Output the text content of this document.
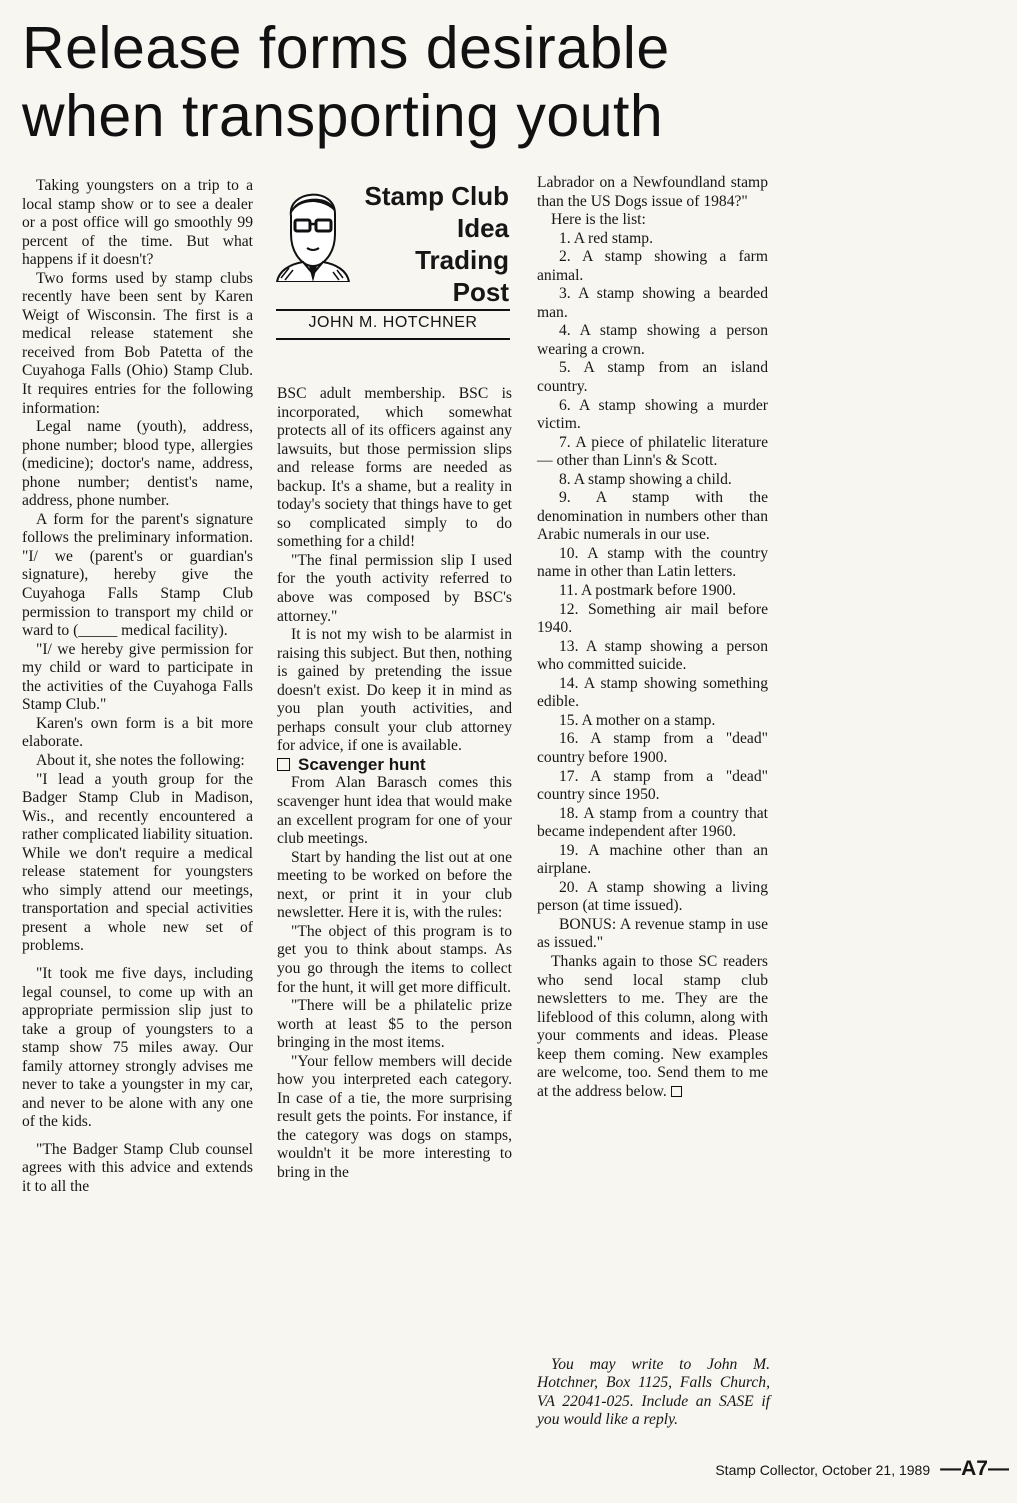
Release forms desirable
when transporting youth

Taking youngsters on a trip to a local stamp show or to see a dealer or a post office will go smoothly 99 percent of the time. But what happens if it doesn't?

Two forms used by stamp clubs recently have been sent by Karen Weigt of Wisconsin. The first is a medical release statement she received from Bob Patetta of the Cuyahoga Falls (Ohio) Stamp Club. It requires entries for the following information:

Legal name (youth), address, phone number; blood type, allergies (medicine); doctor's name, address, phone number; dentist's name, address, phone number.

A form for the parent's signature follows the preliminary information. "I/ we (parent's or guardian's signature), hereby give the Cuyahoga Falls Stamp Club permission to transport my child or ward to (_____ medical facility).

"I/ we hereby give permission for my child or ward to participate in the activities of the Cuyahoga Falls Stamp Club."

Karen's own form is a bit more elaborate.

About it, she notes the following:

"I lead a youth group for the Badger Stamp Club in Madison, Wis., and recently encountered a rather complicated liability situation. While we don't require a medical release statement for youngsters who simply attend our meetings, transportation and special activities present a whole new set of problems.

"It took me five days, including legal counsel, to come up with an appropriate permission slip just to take a group of youngsters to a stamp show 75 miles away. Our family attorney strongly advises me never to take a youngster in my car, and never to be alone with any one of the kids.

"The Badger Stamp Club counsel agrees with this advice and extends it to all the

Stamp Club
Idea
Trading
Post
JOHN M. HOTCHNER

BSC adult membership. BSC is incorporated, which somewhat protects all of its officers against any lawsuits, but those permission slips and release forms are needed as backup. It's a shame, but a reality in today's society that things have to get so complicated simply to do something for a child!

"The final permission slip I used for the youth activity referred to above was composed by BSC's attorney."

It is not my wish to be alarmist in raising this subject. But then, nothing is gained by pretending the issue doesn't exist. Do keep it in mind as you plan youth activities, and perhaps consult your club attorney for advice, if one is available.

Scavenger hunt

From Alan Barasch comes this scavenger hunt idea that would make an excellent program for one of your club meetings.

Start by handing the list out at one meeting to be worked on before the next, or print it in your club newsletter. Here it is, with the rules:

"The object of this program is to get you to think about stamps. As you go through the items to collect for the hunt, it will get more difficult.

"There will be a philatelic prize worth at least $5 to the person bringing in the most items.

"Your fellow members will decide how you interpreted each category. In case of a tie, the more surprising result gets the points. For instance, if the category was dogs on stamps, wouldn't it be more interesting to bring in the

Labrador on a Newfoundland stamp than the US Dogs issue of 1984?"

Here is the list:

1. A red stamp.

2. A stamp showing a farm animal.

3. A stamp showing a bearded man.

4. A stamp showing a person wearing a crown.

5. A stamp from an island country.

6. A stamp showing a murder victim.

7. A piece of philatelic literature — other than Linn's & Scott.

8. A stamp showing a child.

9. A stamp with the denomination in numbers other than Arabic numerals in our use.

10. A stamp with the country name in other than Latin letters.

11. A postmark before 1900.

12. Something air mail before 1940.

13. A stamp showing a person who committed suicide.

14. A stamp showing something edible.

15. A mother on a stamp.

16. A stamp from a "dead" country before 1900.

17. A stamp from a "dead" country since 1950.

18. A stamp from a country that became independent after 1960.

19. A machine other than an airplane.

20. A stamp showing a living person (at time issued).

BONUS: A revenue stamp in use as issued."

Thanks again to those SC readers who send local stamp club newsletters to me. They are the lifeblood of this column, along with your comments and ideas. Please keep them coming. New examples are welcome, too. Send them to me at the address below.

You may write to John M. Hotchner, Box 1125, Falls Church, VA 22041-025. Include an SASE if you would like a reply.

Stamp Collector, October 21, 1989 —A7—
